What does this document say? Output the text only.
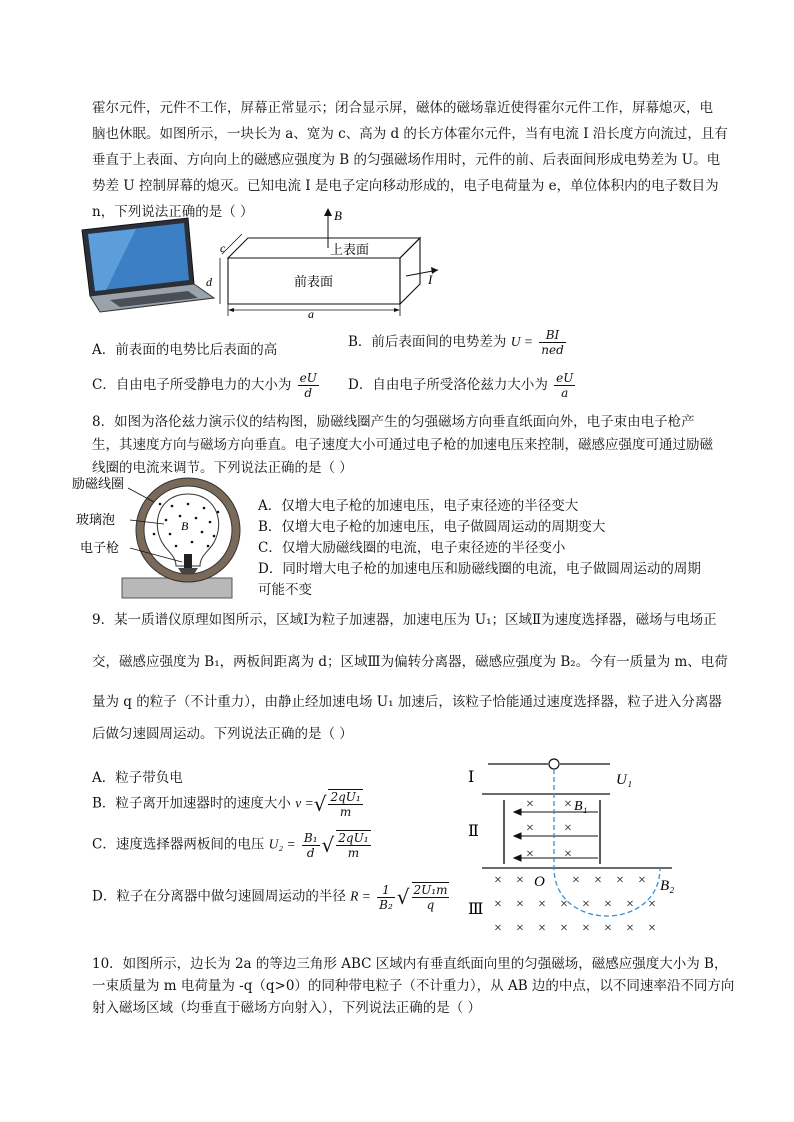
霍尔元件，元件不工作，屏幕正常显示；闭合显示屏，磁体的磁场靠近使得霍尔元件工作，屏幕熄灭，电
脑也休眠。如图所示，一块长为 a、宽为 c、高为 d 的长方体霍尔元件，当有电流 I 沿长度方向流过，且有
垂直于上表面、方向向上的磁感应强度为 B 的匀强磁场作用时，元件的前、后表面间形成电势差为 U。电
势差 U 控制屏幕的熄灭。已知电流 I 是电子定向移动形成的，电子电荷量为 e，单位体积内的电子数目为
n，下列说法正确的是（ ）	B
上表面
前表面
c
d
a
I
A．前表面的电势比后表面的高	B．前后表面间的电势差为 $U = \frac{BI}{\text{ned}}$
C．自由电子所受静电力的大小为 $\frac{eU}{d}$ D．自由电子所受洛伦兹力大小为 $\frac{eU}{a}$
8．如图为洛伦兹力演示仪的结构图，励磁线圈产生的匀强磁场方向垂直纸面向外，电子束由电子枪产
生，其速度方向与磁场方向垂直。电子速度大小可通过电子枪的加速电压来控制，磁感应强度可通过励磁
线圈的电流来调节。下列说法正确的是（ ）
B
励磁线圈
玻璃泡
电子枪
A．仅增大电子枪的加速电压，电子束径迹的半径变大
B．仅增大电子枪的加速电压，电子做圆周运动的周期变大
C．仅增大励磁线圈的电流，电子束径迹的半径变小
D．同时增大电子枪的加速电压和励磁线圈的电流，电子做圆周运动的周期
可能不变
9．某一质谱仪原理如图所示，区域Ⅰ为粒子加速器，加速电压为 U₁；区域Ⅱ为速度选择器，磁场与电场正
交，磁感应强度为 B₁，两板间距离为 d；区域Ⅲ为偏转分离器，磁感应强度为 B₂。今有一质量为 m、电荷
量为 q 的粒子（不计重力），由静止经加速电场 U₁ 加速后，该粒子恰能通过速度选择器，粒子进入分离器
后做匀速圆周运动。下列说法正确的是（ ）
A．粒子带负电
B．粒子离开加速器时的速度大小 v =√ $\frac{\text{2qU₁}}{m}$
C．速度选择器两板间的电压 $U_2 = \frac{\text{B₁}}{d}$ √ $\frac{\text{2qU₁}}{m}$
D．粒子在分离器中做匀速圆周运动的半径 $R = \frac{1}{\text{B₂}}$ √ $\frac{\text{2U₁m}}{q}$
Ⅰ
Ⅱ
Ⅲ
U₁
× ×
× ×
× ×
B₁
× ×	× × × ×
× × × × × × × ×
× × × × × × × ×
O	B₂
10．如图所示，边长为 2a 的等边三角形 ABC 区域内有垂直纸面向里的匀强磁场，磁感应强度大小为 B，
一束质量为 m 电荷量为 -q（q>0）的同种带电粒子（不计重力），从 AB 边的中点，以不同速率沿不同方向
射入磁场区域（均垂直于磁场方向射入），下列说法正确的是（ ）
